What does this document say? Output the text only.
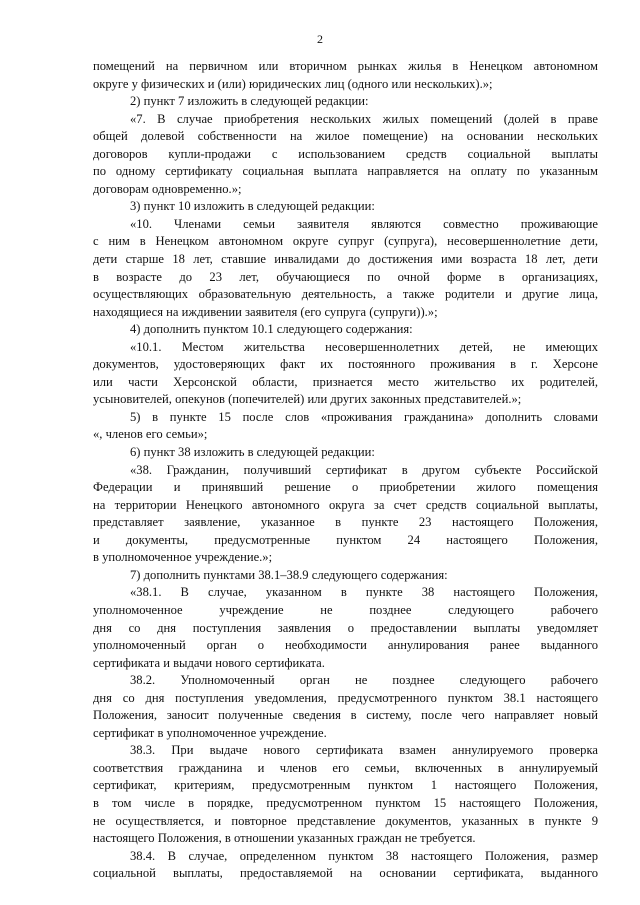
2
помещений на первичном или вторичном рынках жилья в Ненецком автономном
округе у физических и (или) юридических лиц (одного или нескольких).»;
2) пункт 7 изложить в следующей редакции:
«7. В случае приобретения нескольких жилых помещений (долей в праве
общей долевой собственности на жилое помещение) на основании нескольких
договоров купли-продажи с использованием средств социальной выплаты
по одному сертификату социальная выплата направляется на оплату по указанным
договорам одновременно.»;
3) пункт 10 изложить в следующей редакции:
«10. Членами семьи заявителя являются совместно проживающие
с ним в Ненецком автономном округе супруг (супруга), несовершеннолетние дети,
дети старше 18 лет, ставшие инвалидами до достижения ими возраста 18 лет, дети
в возрасте до 23 лет, обучающиеся по очной форме в организациях,
осуществляющих образовательную деятельность, а также родители и другие лица,
находящиеся на иждивении заявителя (его супруга (супруги)).»;
4) дополнить пунктом 10.1 следующего содержания:
«10.1. Местом жительства несовершеннолетних детей, не имеющих
документов, удостоверяющих факт их постоянного проживания в г. Херсоне
или части Херсонской области, признается место жительство их родителей,
усыновителей, опекунов (попечителей) или других законных представителей.»;
5) в пункте 15 после слов «проживания гражданина» дополнить словами
«, членов его семьи»;
6) пункт 38 изложить в следующей редакции:
«38. Гражданин, получивший сертификат в другом субъекте Российской
Федерации и принявший решение о приобретении жилого помещения
на территории Ненецкого автономного округа за счет средств социальной выплаты,
представляет заявление, указанное в пункте 23 настоящего Положения,
и документы, предусмотренные пунктом 24 настоящего Положения,
в уполномоченное учреждение.»;
7) дополнить пунктами 38.1–38.9 следующего содержания:
«38.1. В случае, указанном в пункте 38 настоящего Положения,
уполномоченное учреждение не позднее следующего рабочего
дня со дня поступления заявления о предоставлении выплаты уведомляет
уполномоченный орган о необходимости аннулирования ранее выданного
сертификата и выдачи нового сертификата.
38.2. Уполномоченный орган не позднее следующего рабочего
дня со дня поступления уведомления, предусмотренного пунктом 38.1 настоящего
Положения, заносит полученные сведения в систему, после чего направляет новый
сертификат в уполномоченное учреждение.
38.3. При выдаче нового сертификата взамен аннулируемого проверка
соответствия гражданина и членов его семьи, включенных в аннулируемый
сертификат, критериям, предусмотренным пунктом 1 настоящего Положения,
в том числе в порядке, предусмотренном пунктом 15 настоящего Положения,
не осуществляется, и повторное представление документов, указанных в пункте 9
настоящего Положения, в отношении указанных граждан не требуется.
38.4. В случае, определенном пунктом 38 настоящего Положения, размер
социальной выплаты, предоставляемой на основании сертификата, выданного
